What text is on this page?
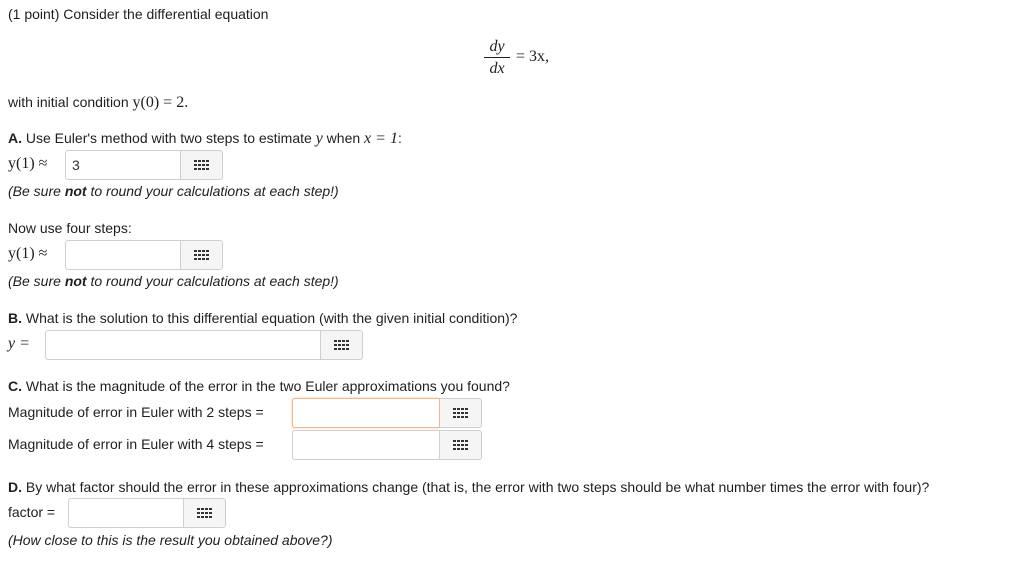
(1 point) Consider the differential equation
dy
dx
= 3x,
with initial condition y(0) = 2.
A. Use Euler's method with two steps to estimate y when x = 1:
y(1) ≈	3
(Be sure not to round your calculations at each step!)
Now use four steps:
y(1) ≈
(Be sure not to round your calculations at each step!)
B. What is the solution to this differential equation (with the given initial condition)?
y =
C. What is the magnitude of the error in the two Euler approximations you found?
Magnitude of error in Euler with 2 steps =
Magnitude of error in Euler with 4 steps =
D. By what factor should the error in these approximations change (that is, the error with two steps should be what number times the error with four)?
factor =
(How close to this is the result you obtained above?)
